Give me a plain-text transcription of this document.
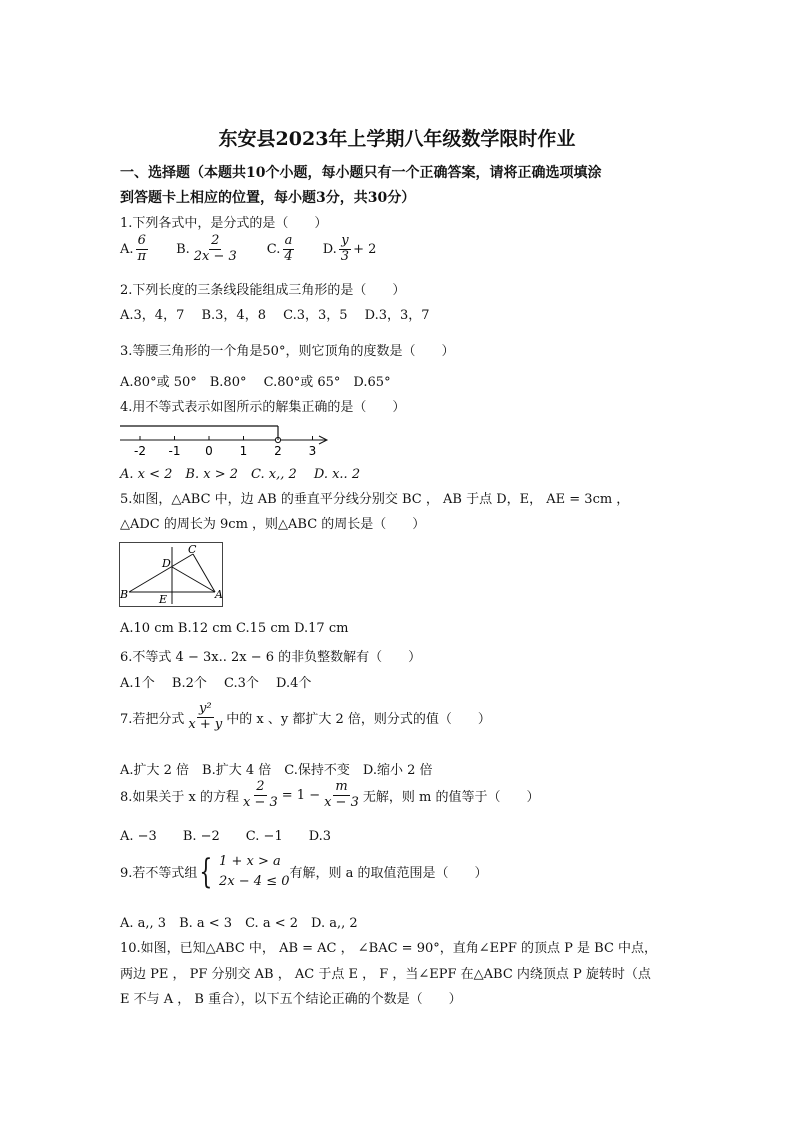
东安县2023年上学期八年级数学限时作业
一、选择题（本题共10个小题，每小题只有一个正确答案，请将正确选项填涂
到答题卡上相应的位置，每小题3分，共30分）
1.下列各式中，是分式的是（　　）
A. $\frac{6}{\pi} B$. $\frac{2}{2x - 3} C$. $\frac{a}{4} D$. $\frac{y}{3} + 2$
2.下列长度的三条线段能组成三角形的是（　　）
A.3，4，7　 B.3，4，8　 C.3，3，5　 D.3，3，7
3.等腰三角形的一个角是50°，则它顶角的度数是（　　）
A.80°或 50°　B.80°　 C.80°或 65°　D.65°
4.用不等式表示如图所示的解集正确的是（　　）
-2 -1 0 1 2 3
A. x < 2　B. x > 2　C. x,, 2　 D. x.. 2
5.如图，△ABC 中，边 AB 的垂直平分线分别交 BC ， AB 于点 D，E， AE = 3cm ，
△ADC 的周长为 9cm ，则△ABC 的周长是（　　）
B	E	A
D
C
A.10 cm B.12 cm C.15 cm D.17 cm
6.不等式 4 − 3x.. 2x − 6 的非负整数解有（　　）
A.1个　 B.2个　 C.3个　 D.4个
7.若把分式 $\frac{\text{y²}}{x + y}$ 中的 x 、y 都扩大 2 倍，则分式的值（　　）
A.扩大 2 倍　B.扩大 4 倍　C.保持不变　D.缩小 2 倍
8.如果关于 x 的方程 $\frac{2}{x - 3} = 1 - \frac{m}{x - 3}$ 无解，则 m 的值等于（　　）
A. −3　　B. −2　　C. −1　　D.3
9.若不等式组 { 1 + x > a
2x − 4 ≤ 0 有解，则 a 的取值范围是（　　）
A. a,, 3　B. a < 3　C. a < 2　D. a,, 2
10.如图，已知△ABC 中， AB = AC ， ∠BAC = 90°，直角∠EPF 的顶点 P 是 BC 中点，
两边 PE ， PF 分别交 AB ， AC 于点 E ， F ，当∠EPF 在△ABC 内绕顶点 P 旋转时（点
E 不与 A ， B 重合），以下五个结论正确的个数是（　　）
